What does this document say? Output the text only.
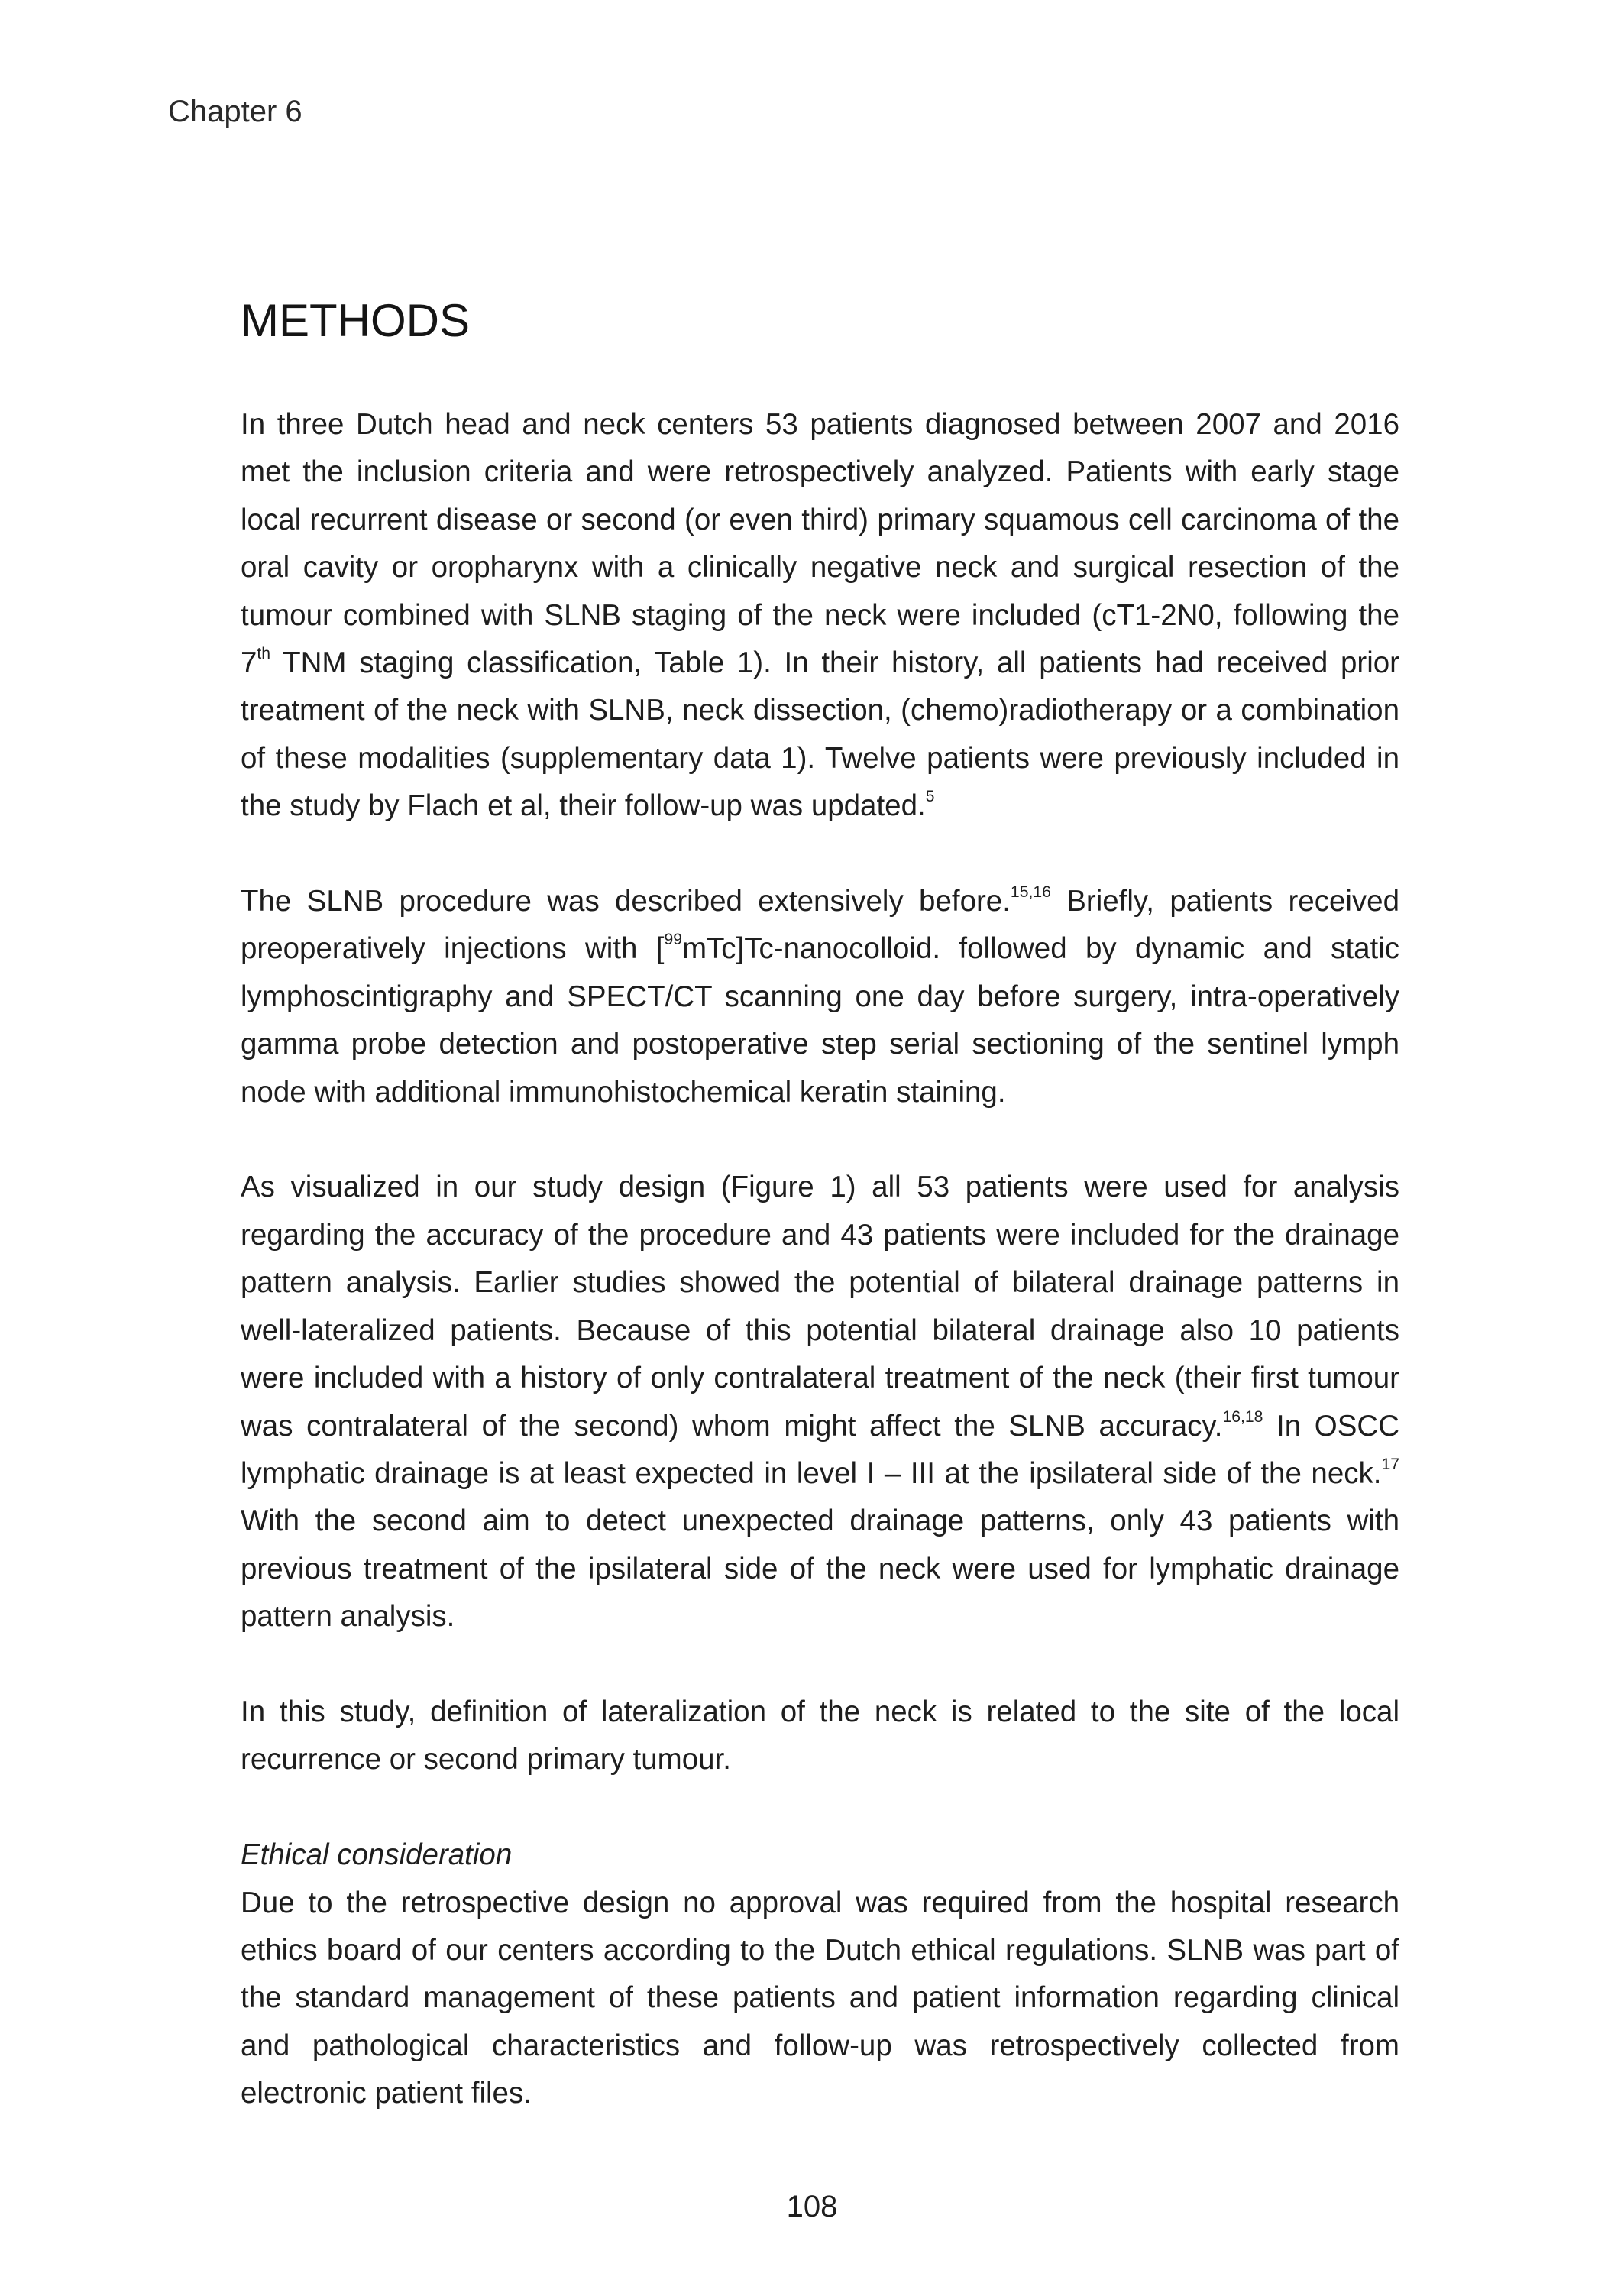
Chapter 6
METHODS

In three Dutch head and neck centers 53 patients diagnosed between 2007 and 2016 met the inclusion criteria and were retrospectively analyzed. Patients with early stage local recurrent disease or second (or even third) primary squamous cell carcinoma of the oral cavity or oropharynx with a clinically negative neck and surgical resection of the tumour combined with SLNB staging of the neck were included (cT1-2N0, following the 7th TNM staging classification, Table 1). In their history, all patients had received prior treatment of the neck with SLNB, neck dissection, (chemo)radiotherapy or a combination of these modalities (supplementary data 1). Twelve patients were previously included in the study by Flach et al, their follow-up was updated.$^5$

The SLNB procedure was described extensively before.$^{15,16}$ Briefly, patients received preoperatively injections with [$^{99}$mTc]Tc-nanocolloid. followed by dynamic and static lymphoscintigraphy and SPECT/CT scanning one day before surgery, intra-operatively gamma probe detection and postoperative step serial sectioning of the sentinel lymph node with additional immunohistochemical keratin staining.

As visualized in our study design (Figure 1) all 53 patients were used for analysis regarding the accuracy of the procedure and 43 patients were included for the drainage pattern analysis. Earlier studies showed the potential of bilateral drainage patterns in well-lateralized patients. Because of this potential bilateral drainage also 10 patients were included with a history of only contralateral treatment of the neck (their first tumour was contralateral of the second) whom might affect the SLNB accuracy.$^{16,18}$ In OSCC lymphatic drainage is at least expected in level I – III at the ipsilateral side of the neck.$^{17}$ With the second aim to detect unexpected drainage patterns, only 43 patients with previous treatment of the ipsilateral side of the neck were used for lymphatic drainage pattern analysis.

In this study, definition of lateralization of the neck is related to the site of the local recurrence or second primary tumour.

Ethical consideration
Due to the retrospective design no approval was required from the hospital research ethics board of our centers according to the Dutch ethical regulations. SLNB was part of the standard management of these patients and patient information regarding clinical and pathological characteristics and follow-up was retrospectively collected from electronic patient files.

108
